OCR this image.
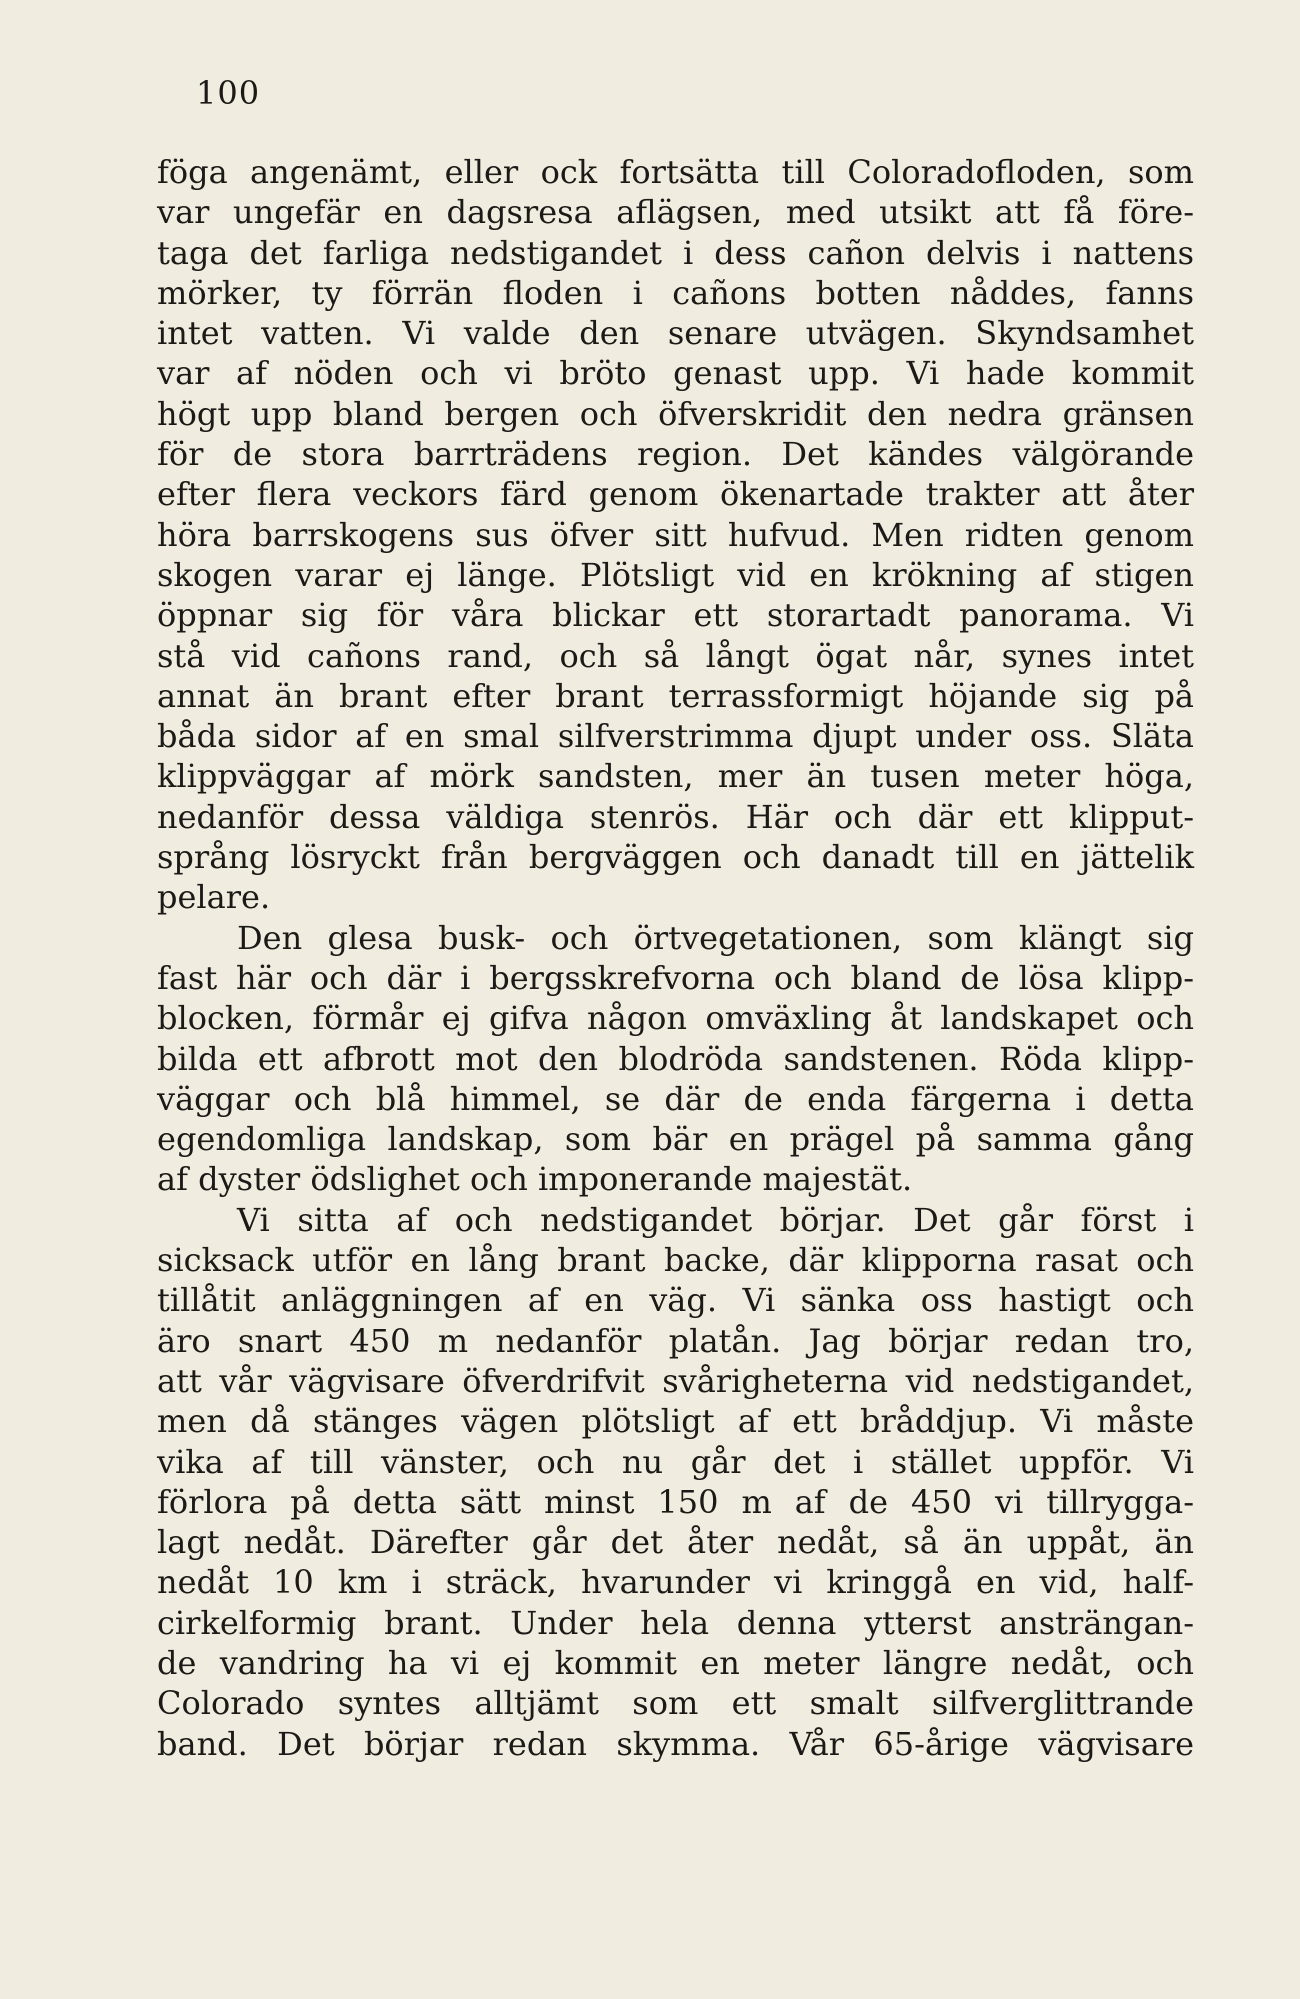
100
föga angenämt, eller ock fortsätta till Coloradofloden, som
var ungefär en dagsresa aflägsen, med utsikt att få före-
taga det farliga nedstigandet i dess cañon delvis i nattens
mörker, ty förrän floden i cañons botten nåddes, fanns
intet vatten. Vi valde den senare utvägen. Skyndsamhet
var af nöden och vi bröto genast upp. Vi hade kommit
högt upp bland bergen och öfverskridit den nedra gränsen
för de stora barrträdens region. Det kändes välgörande
efter flera veckors färd genom ökenartade trakter att åter
höra barrskogens sus öfver sitt hufvud. Men ridten genom
skogen varar ej länge. Plötsligt vid en krökning af stigen
öppnar sig för våra blickar ett storartadt panorama. Vi
stå vid cañons rand, och så långt ögat når, synes intet
annat än brant efter brant terrassformigt höjande sig på
båda sidor af en smal silfverstrimma djupt under oss. Släta
klippväggar af mörk sandsten, mer än tusen meter höga,
nedanför dessa väldiga stenrös. Här och där ett klipput-
språng lösryckt från bergväggen och danadt till en jättelik
pelare.
Den glesa busk- och örtvegetationen, som klängt sig
fast här och där i bergsskrefvorna och bland de lösa klipp-
blocken, förmår ej gifva någon omväxling åt landskapet och
bilda ett afbrott mot den blodröda sandstenen. Röda klipp-
väggar och blå himmel, se där de enda färgerna i detta
egendomliga landskap, som bär en prägel på samma gång
af dyster ödslighet och imponerande majestät.
Vi sitta af och nedstigandet börjar. Det går först i
sicksack utför en lång brant backe, där klipporna rasat och
tillåtit anläggningen af en väg. Vi sänka oss hastigt och
äro snart 450 m nedanför platån. Jag börjar redan tro,
att vår vägvisare öfverdrifvit svårigheterna vid nedstigandet,
men då stänges vägen plötsligt af ett bråddjup. Vi måste
vika af till vänster, och nu går det i stället uppför. Vi
förlora på detta sätt minst 150 m af de 450 vi tillrygga-
lagt nedåt. Därefter går det åter nedåt, så än uppåt, än
nedåt 10 km i sträck, hvarunder vi kringgå en vid, half-
cirkelformig brant. Under hela denna ytterst ansträngan-
de vandring ha vi ej kommit en meter längre nedåt, och
Colorado syntes alltjämt som ett smalt silfverglittrande
band. Det börjar redan skymma. Vår 65-årige vägvisare
